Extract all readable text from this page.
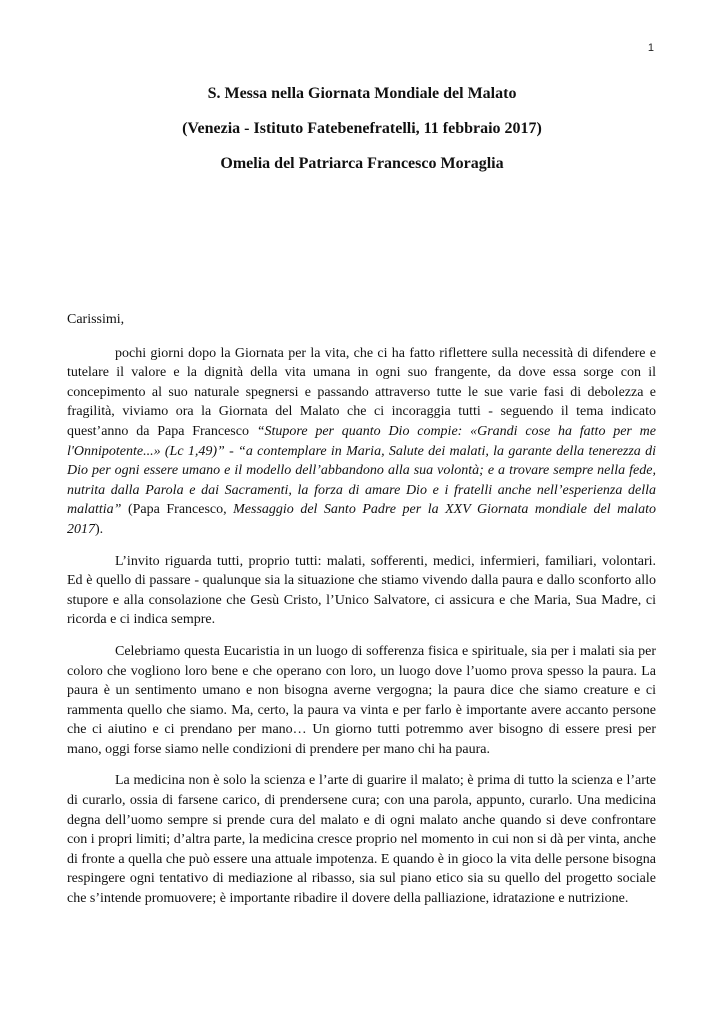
1
S. Messa nella Giornata Mondiale del Malato
(Venezia - Istituto Fatebenefratelli, 11 febbraio 2017)
Omelia del Patriarca Francesco Moraglia

Carissimi,

pochi giorni dopo la Giornata per la vita, che ci ha fatto riflettere sulla necessità di difendere e tutelare il valore e la dignità della vita umana in ogni suo frangente, da dove essa sorge con il concepimento al suo naturale spegnersi e passando attraverso tutte le sue varie fasi di debolezza e fragilità, viviamo ora la Giornata del Malato che ci incoraggia tutti - seguendo il tema indicato quest’anno da Papa Francesco “Stupore per quanto Dio compie: «Grandi cose ha fatto per me l'Onnipotente...» (Lc 1,49)” - “a contemplare in Maria, Salute dei malati, la garante della tenerezza di Dio per ogni essere umano e il modello dell’abbandono alla sua volontà; e a trovare sempre nella fede, nutrita dalla Parola e dai Sacramenti, la forza di amare Dio e i fratelli anche nell’esperienza della malattia” (Papa Francesco, Messaggio del Santo Padre per la XXV Giornata mondiale del malato 2017).

L’invito riguarda tutti, proprio tutti: malati, sofferenti, medici, infermieri, familiari, volontari. Ed è quello di passare - qualunque sia la situazione che stiamo vivendo dalla paura e dallo sconforto allo stupore e alla consolazione che Gesù Cristo, l’Unico Salvatore, ci assicura e che Maria, Sua Madre, ci ricorda e ci indica sempre.

Celebriamo questa Eucaristia in un luogo di sofferenza fisica e spirituale, sia per i malati sia per coloro che vogliono loro bene e che operano con loro, un luogo dove l’uomo prova spesso la paura. La paura è un sentimento umano e non bisogna averne vergogna; la paura dice che siamo creature e ci rammenta quello che siamo. Ma, certo, la paura va vinta e per farlo è importante avere accanto persone che ci aiutino e ci prendano per mano… Un giorno tutti potremmo aver bisogno di essere presi per mano, oggi forse siamo nelle condizioni di prendere per mano chi ha paura.

La medicina non è solo la scienza e l’arte di guarire il malato; è prima di tutto la scienza e l’arte di curarlo, ossia di farsene carico, di prendersene cura; con una parola, appunto, curarlo. Una medicina degna dell’uomo sempre si prende cura del malato e di ogni malato anche quando si deve confrontare con i propri limiti; d’altra parte, la medicina cresce proprio nel momento in cui non si dà per vinta, anche di fronte a quella che può essere una attuale impotenza. E quando è in gioco la vita delle persone bisogna respingere ogni tentativo di mediazione al ribasso, sia sul piano etico sia su quello del progetto sociale che s’intende promuovere; è importante ribadire il dovere della palliazione, idratazione e nutrizione.
